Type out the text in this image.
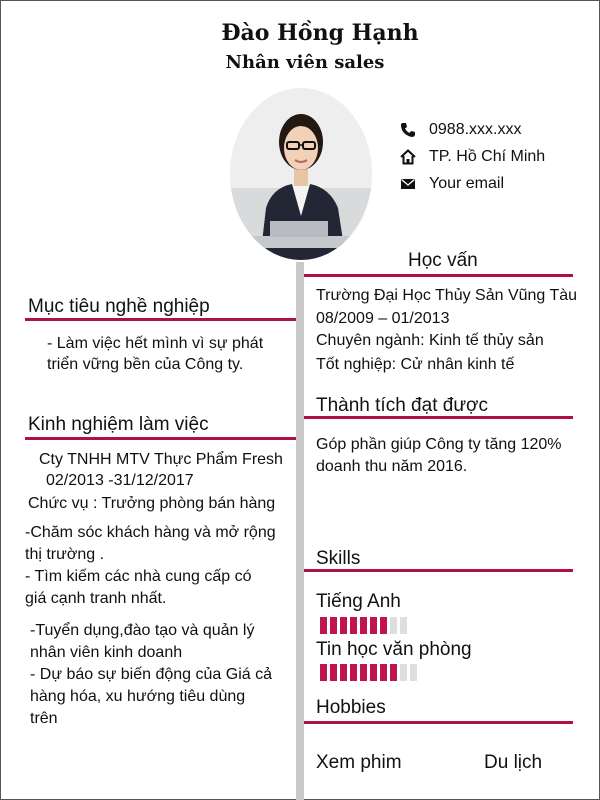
Đào Hồng Hạnh
Nhân viên sales
0988.xxx.xxx
TP. Hồ Chí Minh
Your email
Học vấn
Trường Đại Học Thủy Sản Vũng Tàu
08/2009 – 01/2013
Chuyên ngành: Kinh tế thủy sản
Tốt nghiệp: Cử nhân kinh tế
Mục tiêu nghề nghiệp
- Làm việc hết mình vì sự phát
triển vững bền của Công ty.
Thành tích đạt được
Góp phần giúp Công ty tăng 120%
doanh thu năm 2016.
Kinh nghiệm làm việc
Cty TNHH MTV Thực Phẩm Fresh
02/2013 -31/12/2017
Chức vụ : Trưởng phòng bán hàng
-Chăm sóc khách hàng và mở rộng
thị trường .
- Tìm kiếm các nhà cung cấp có
giá cạnh tranh nhất.
-Tuyển dụng,đào tạo và quản lý
nhân viên kinh doanh
- Dự báo sự biến động của Giá cả
hàng hóa, xu hướng tiêu dùng
trên
Skills
Tiếng Anh
Tin học văn phòng
Hobbies
Xem phim	Du lịch
